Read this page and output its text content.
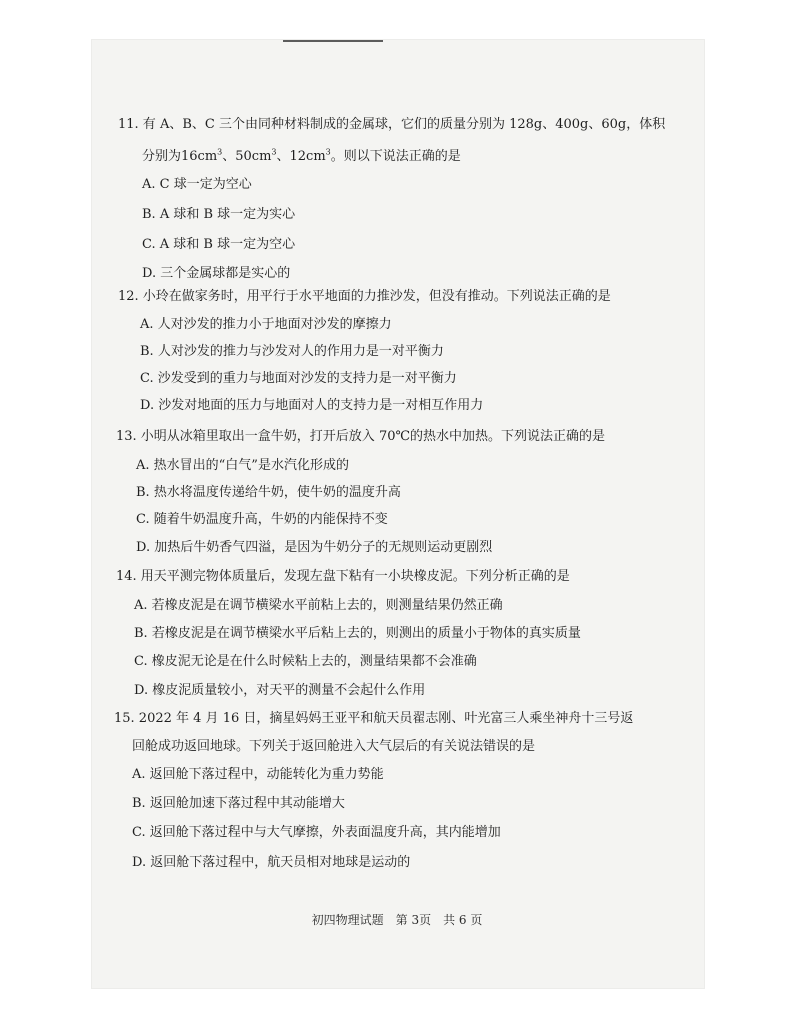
11. 有 A、B、C 三个由同种材料制成的金属球，它们的质量分别为 128g、400g、60g，体积
分别为$16cm^3$、$50cm^3$、$12cm^3$。则以下说法正确的是
A. C 球一定为空心
B. A 球和 B 球一定为实心
C. A 球和 B 球一定为空心
D. 三个金属球都是实心的
12. 小玲在做家务时，用平行于水平地面的力推沙发，但没有推动。下列说法正确的是
A. 人对沙发的推力小于地面对沙发的摩擦力
B. 人对沙发的推力与沙发对人的作用力是一对平衡力
C. 沙发受到的重力与地面对沙发的支持力是一对平衡力
D. 沙发对地面的压力与地面对人的支持力是一对相互作用力
13. 小明从冰箱里取出一盒牛奶，打开后放入 70℃的热水中加热。下列说法正确的是
A. 热水冒出的“白气”是水汽化形成的
B. 热水将温度传递给牛奶，使牛奶的温度升高
C. 随着牛奶温度升高，牛奶的内能保持不变
D. 加热后牛奶香气四溢，是因为牛奶分子的无规则运动更剧烈
14. 用天平测完物体质量后，发现左盘下粘有一小块橡皮泥。下列分析正确的是
A. 若橡皮泥是在调节横梁水平前粘上去的，则测量结果仍然正确
B. 若橡皮泥是在调节横梁水平后粘上去的，则测出的质量小于物体的真实质量
C. 橡皮泥无论是在什么时候粘上去的，测量结果都不会准确
D. 橡皮泥质量较小，对天平的测量不会起什么作用
15. 2022 年 4 月 16 日，摘星妈妈王亚平和航天员翟志刚、叶光富三人乘坐神舟十三号返
回舱成功返回地球。下列关于返回舱进入大气层后的有关说法错误的是
A. 返回舱下落过程中，动能转化为重力势能
B. 返回舱加速下落过程中其动能增大
C. 返回舱下落过程中与大气摩擦，外表面温度升高，其内能增加
D. 返回舱下落过程中，航天员相对地球是运动的
初四物理试题　第 3页　共 6 页
